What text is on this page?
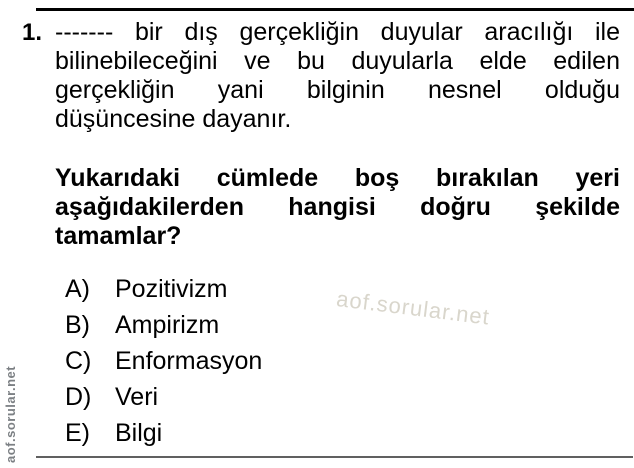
1. ------- bir dış gerçekliğin duyular aracılığı ile
bilinebileceğini ve bu duyularla elde edilen
gerçekliğin yani bilginin nesnel olduğu
düşüncesine dayanır.
Yukarıdaki cümlede boş bırakılan yeri
aşağıdakilerden hangisi doğru şekilde
tamamlar?
A)	Pozitivizm
B)	Ampirizm
C) Enformasyon
D) Veri
E)	Bilgi
aof.sorular.net
aof.sorular.net
